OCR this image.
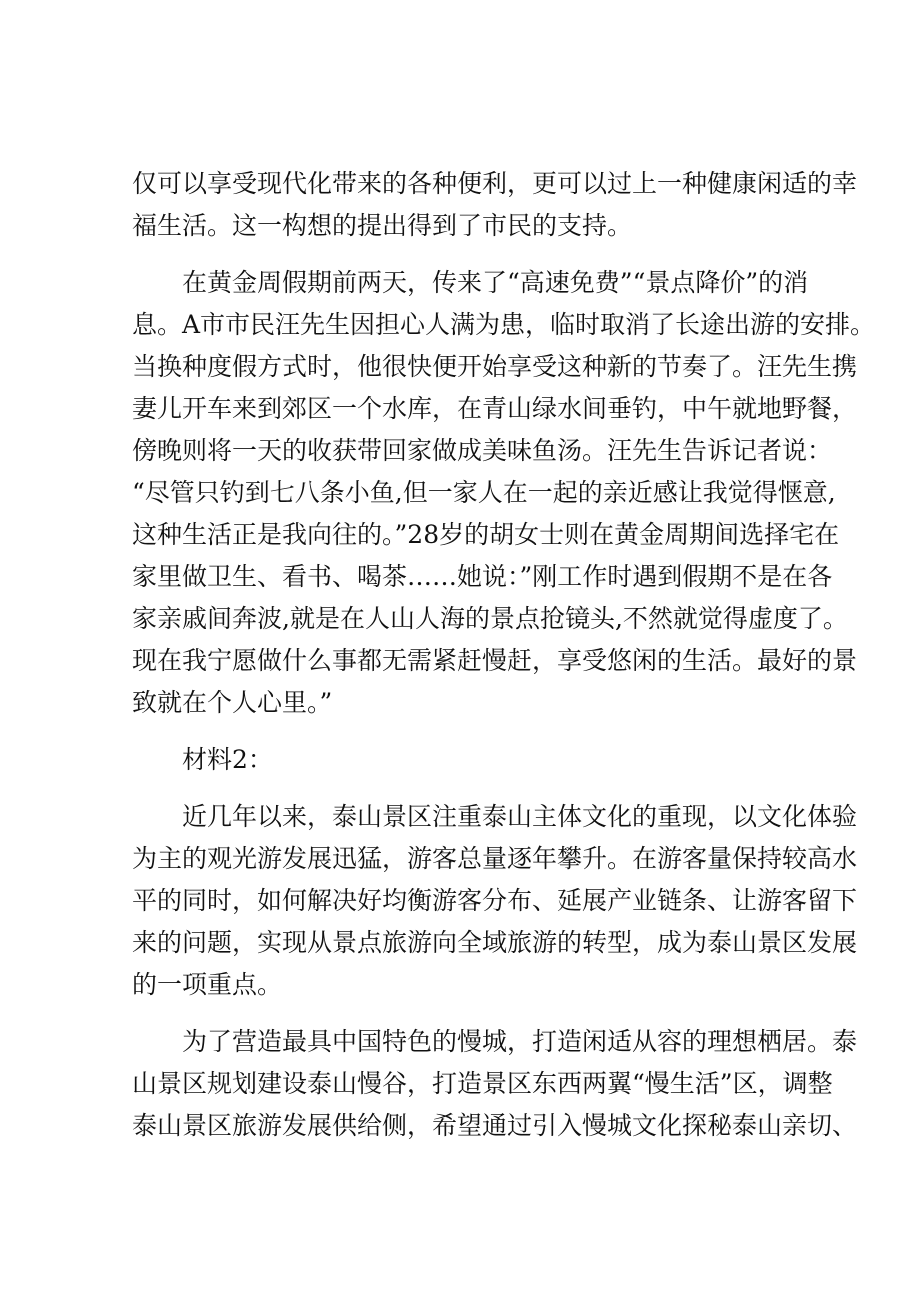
仅可以享受现代化带来的各种便利，更可以过上一种健康闲适的幸
福生活。这一构想的提出得到了市民的支持。
　　在黄金周假期前两天，传来了“高速免费”“景点降价”的消
息。A市市民汪先生因担心人满为患，临时取消了长途出游的安排。
当换种度假方式时，他很快便开始享受这种新的节奏了。汪先生携
妻儿开车来到郊区一个水库，在青山绿水间垂钓，中午就地野餐，
傍晚则将一天的收获带回家做成美味鱼汤。汪先生告诉记者说：
“尽管只钓到七八条小鱼,但一家人在一起的亲近感让我觉得惬意,
这种生活正是我向往的。”28岁的胡女士则在黄金周期间选择宅在
家里做卫生、看书、喝茶……她说：”刚工作时遇到假期不是在各
家亲戚间奔波,就是在人山人海的景点抢镜头,不然就觉得虚度了。
现在我宁愿做什么事都无需紧赶慢赶，享受悠闲的生活。最好的景
致就在个人心里。”
　　材料2：
　　近几年以来，泰山景区注重泰山主体文化的重现，以文化体验
为主的观光游发展迅猛，游客总量逐年攀升。在游客量保持较高水
平的同时，如何解决好均衡游客分布、延展产业链条、让游客留下
来的问题，实现从景点旅游向全域旅游的转型，成为泰山景区发展
的一项重点。
　　为了营造最具中国特色的慢城，打造闲适从容的理想栖居。泰
山景区规划建设泰山慢谷，打造景区东西两翼“慢生活”区，调整
泰山景区旅游发展供给侧，希望通过引入慢城文化探秘泰山亲切、
